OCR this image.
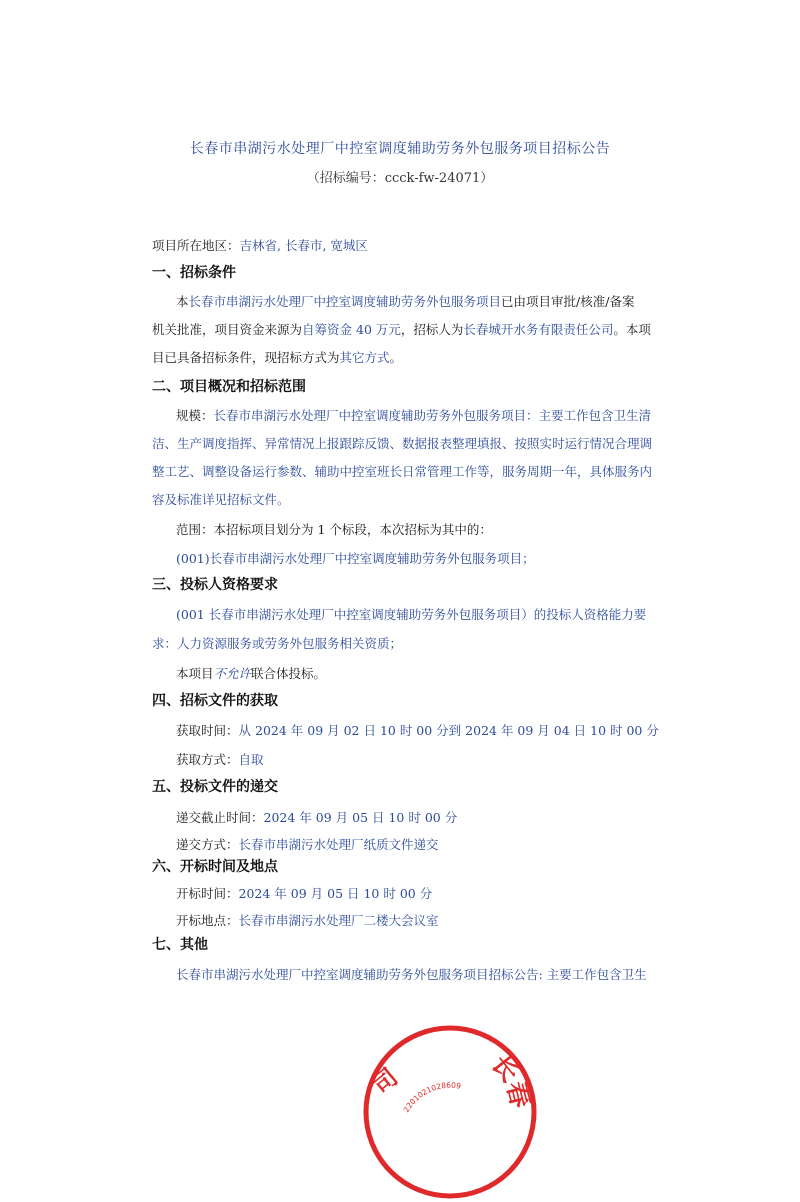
长春市串湖污水处理厂中控室调度辅助劳务外包服务项目招标公告
（招标编号：ccck-fw-24071）
项目所在地区：吉林省, 长春市, 宽城区
一、招标条件
本长春市串湖污水处理厂中控室调度辅助劳务外包服务项目已由项目审批/核准/备案
机关批准，项目资金来源为自筹资金 40 万元，招标人为长春城开水务有限责任公司。本项
目已具备招标条件，现招标方式为其它方式。
二、项目概况和招标范围
规模：长春市串湖污水处理厂中控室调度辅助劳务外包服务项目：主要工作包含卫生清
洁、生产调度指挥、异常情况上报跟踪反馈、数据报表整理填报、按照实时运行情况合理调
整工艺、调整设备运行参数、辅助中控室班长日常管理工作等，服务周期一年，具体服务内
容及标准详见招标文件。
范围：本招标项目划分为 1 个标段，本次招标为其中的：
(001)长春市串湖污水处理厂中控室调度辅助劳务外包服务项目；
三、投标人资格要求
(001 长春市串湖污水处理厂中控室调度辅助劳务外包服务项目）的投标人资格能力要
求：人力资源服务或劳务外包服务相关资质；
本项目不允许联合体投标。
四、招标文件的获取
获取时间：从 2024 年 09 月 02 日 10 时 00 分到 2024 年 09 月 04 日 10 时 00 分
获取方式：自取
五、投标文件的递交
递交截止时间：2024 年 09 月 05 日 10 时 00 分
递交方式：长春市串湖污水处理厂纸质文件递交
六、开标时间及地点
开标时间：2024 年 09 月 05 日 10 时 00 分
开标地点：长春市串湖污水处理厂二楼大会议室
七、其他
长春市串湖污水处理厂中控室调度辅助劳务外包服务项目招标公告: 主要工作包含卫生
2201021028609 长春
司
